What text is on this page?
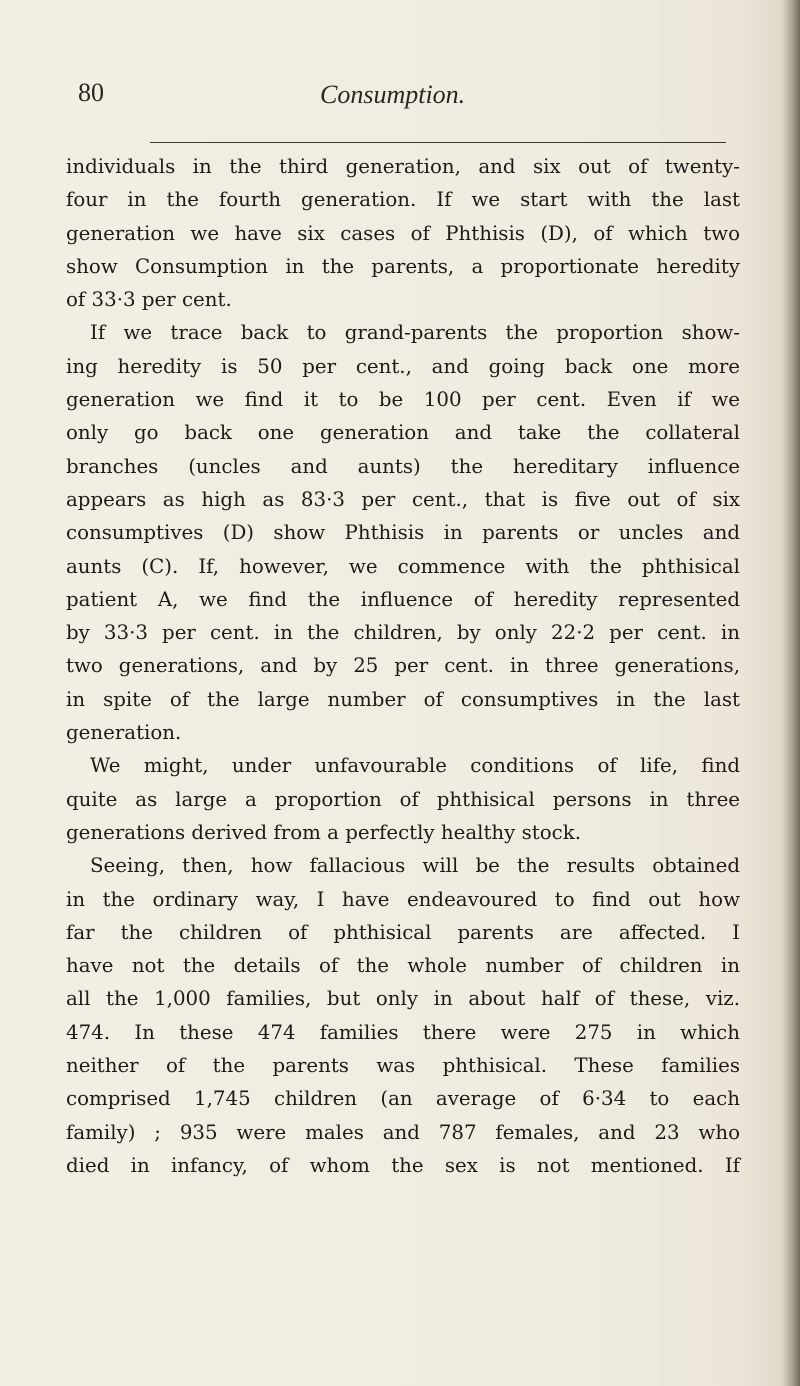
80	Consumption.
individuals in the third generation, and six out of twenty-
four in the fourth generation. If we start with the last
generation we have six cases of Phthisis (D), of which two
show Consumption in the parents, a proportionate heredity
of 33·3 per cent.
If we trace back to grand-parents the proportion show-
ing heredity is 50 per cent., and going back one more
generation we find it to be 100 per cent. Even if we
only go back one generation and take the collateral
branches (uncles and aunts) the hereditary influence
appears as high as 83·3 per cent., that is five out of six
consumptives (D) show Phthisis in parents or uncles and
aunts (C). If, however, we commence with the phthisical
patient A, we find the influence of heredity represented
by 33·3 per cent. in the children, by only 22·2 per cent. in
two generations, and by 25 per cent. in three generations,
in spite of the large number of consumptives in the last
generation.
We might, under unfavourable conditions of life, find
quite as large a proportion of phthisical persons in three
generations derived from a perfectly healthy stock.
Seeing, then, how fallacious will be the results obtained
in the ordinary way, I have endeavoured to find out how
far the children of phthisical parents are affected. I
have not the details of the whole number of children in
all the 1,000 families, but only in about half of these, viz.
474. In these 474 families there were 275 in which
neither of the parents was phthisical. These families
comprised 1,745 children (an average of 6·34 to each
family) ; 935 were males and 787 females, and 23 who
died in infancy, of whom the sex is not mentioned. If
